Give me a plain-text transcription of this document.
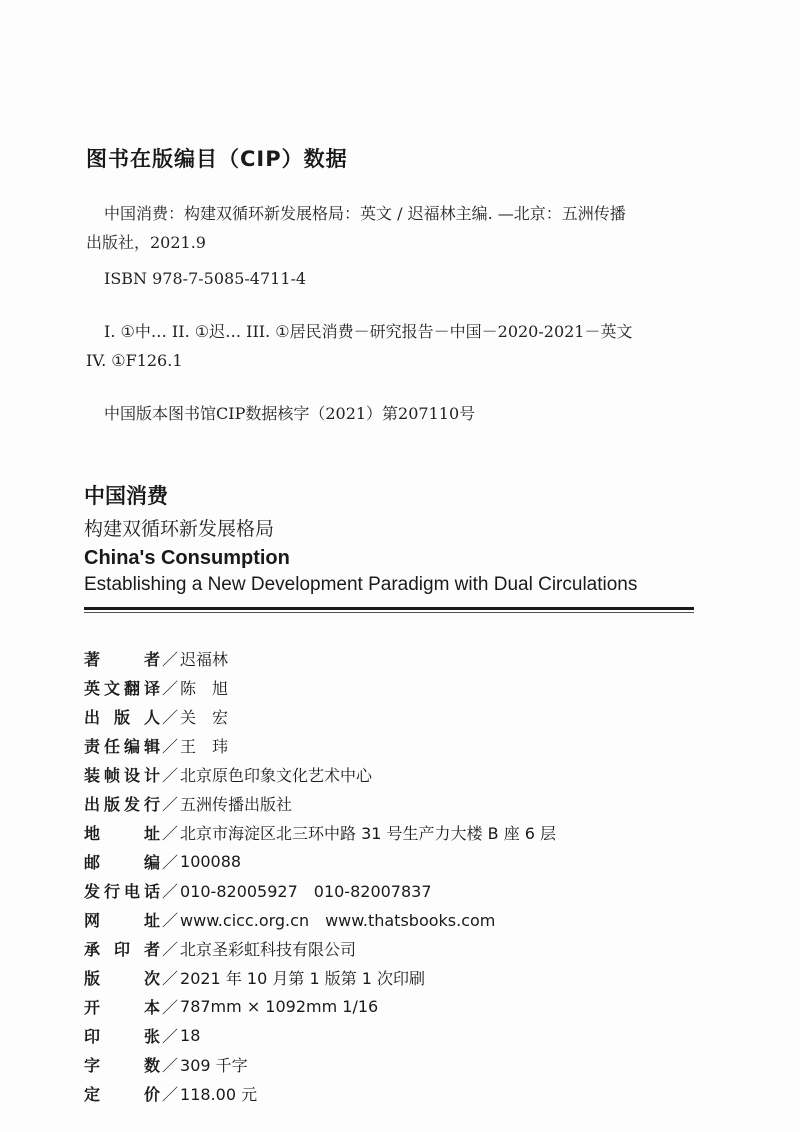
图书在版编目（CIP）数据
中国消费：构建双循环新发展格局：英文 / 迟福林主编. —北京：五洲传播
出版社，2021.9
ISBN 978-7-5085-4711-4
I. ①中… II. ①迟… III. ①居民消费－研究报告－中国－2020-2021－英文
IV. ①F126.1
中国版本图书馆CIP数据核字（2021）第207110号
中国消费
构建双循环新发展格局
China's Consumption
Establishing a New Development Paradigm with Dual Circulations
著	者 ／ 迟福林
英 文 翻 译 ／ 陈　旭
出 版 人 ／ 关　宏
责 任 编 辑 ／ 王　玮
装 帧 设 计 ／ 北京原色印象文化艺术中心
出 版 发 行 ／ 五洲传播出版社
地	址 ／ 北京市海淀区北三环中路 31 号生产力大楼 B 座 6 层
邮	编 ／ 100088
发 行 电 话 ／ 010-82005927　010-82007837
网	址 ／ www.cicc.org.cn　www.thatsbooks.com
承 印 者 ／ 北京圣彩虹科技有限公司
版	次 ／ 2021 年 10 月第 1 版第 1 次印刷
开	本 ／ 787mm × 1092mm 1/16
印	张 ／ 18
字	数 ／ 309 千字
定	价 ／ 118.00 元
